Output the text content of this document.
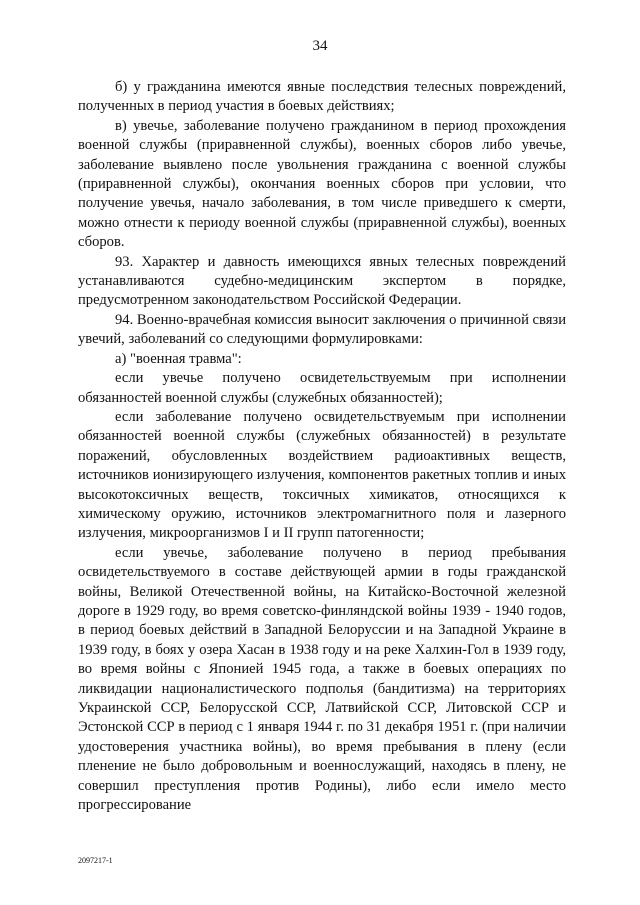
34

б) у гражданина имеются явные последствия телесных повреждений, полученных в период участия в боевых действиях;

в) увечье, заболевание получено гражданином в период прохождения военной службы (приравненной службы), военных сборов либо увечье, заболевание выявлено после увольнения гражданина с военной службы (приравненной службы), окончания военных сборов при условии, что получение увечья, начало заболевания, в том числе приведшего к смерти, можно отнести к периоду военной службы (приравненной службы), военных сборов.

93. Характер и давность имеющихся явных телесных повреждений устанавливаются судебно-медицинским экспертом в порядке, предусмотренном законодательством Российской Федерации.

94. Военно-врачебная комиссия выносит заключения о причинной связи увечий, заболеваний со следующими формулировками:

а) "военная травма":

если увечье получено освидетельствуемым при исполнении обязанностей военной службы (служебных обязанностей);

если заболевание получено освидетельствуемым при исполнении обязанностей военной службы (служебных обязанностей) в результате поражений, обусловленных воздействием радиоактивных веществ, источников ионизирующего излучения, компонентов ракетных топлив и иных высокотоксичных веществ, токсичных химикатов, относящихся к химическому оружию, источников электромагнитного поля и лазерного излучения, микроорганизмов I и II групп патогенности;

если увечье, заболевание получено в период пребывания освидетельствуемого в составе действующей армии в годы гражданской войны, Великой Отечественной войны, на Китайско-Восточной железной дороге в 1929 году, во время советско-финляндской войны 1939 - 1940 годов, в период боевых действий в Западной Белоруссии и на Западной Украине в 1939 году, в боях у озера Хасан в 1938 году и на реке Халхин-Гол в 1939 году, во время войны с Японией 1945 года, а также в боевых операциях по ликвидации националистического подполья (бандитизма) на территориях Украинской ССР, Белорусской ССР, Латвийской ССР, Литовской ССР и Эстонской ССР в период с 1 января 1944 г. по 31 декабря 1951 г. (при наличии удостоверения участника войны), во время пребывания в плену (если пленение не было добровольным и военнослужащий, находясь в плену, не совершил преступления против Родины), либо если имело место прогрессирование

2097217-1
